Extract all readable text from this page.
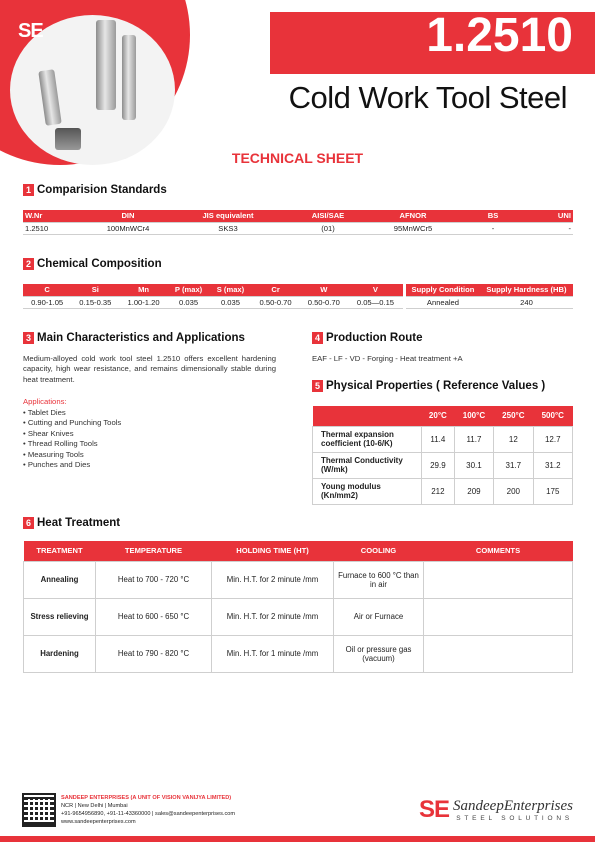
SE	1.2510
Cold Work Tool Steel
TECHNICAL SHEET
1 Comparision Standards
W.Nr	DIN	JIS equivalent	AISI/SAE	AFNOR	BS	UNI
1.2510	100MnWCr4	SKS3	(01)	95MnWCr5	-	-
2 Chemical Composition
C	Si	Mn	P (max)	S (max)	Cr	W	V
0.90-1.05	0.15-0.35	1.00-1.20	0.035	0.035	0.50-0.70	0.50-0.70	0.05—0.15
Supply Condition	Supply Hardness (HB)
Annealed	240
3 Main Characteristics and Applications
Medium-alloyed cold work tool steel 1.2510 offers excellent hardening capacity, high wear resistance, and remains dimensionally stable during heat treatment.
Applications:
• Tablet Dies
• Cutting and Punching Tools
• Shear Knives
• Thread Rolling Tools
• Measuring Tools
• Punches and Dies
4 Production Route
EAF - LF - VD - Forging - Heat treatment +A
5 Physical Properties ( Reference Values )
	20°C	100°C	250°C	500°C
Thermal expansion coefficient (10-6/K)	11.4	11.7	12	12.7
Thermal Conductivity (W/mk)	29.9	30.1	31.7	31.2
Young modulus (Kn/mm2)	212	209	200	175
6 Heat Treatment
TREATMENT	TEMPERATURE	HOLDING TIME (HT)	COOLING	COMMENTS
Annealing	Heat to 700 - 720 °C	Min. H.T. for 2 minute /mm	Furnace to 600 °C than in air	
Stress relieving	Heat to 600 - 650 °C	Min. H.T. for 2 minute /mm	Air or Furnace	
Hardening	Heat to 790 - 820 °C	Min. H.T. for 1 minute /mm	Oil or pressure gas (vacuum)	
SANDEEP ENTERPRISES (A UNIT OF VISION VANIJYA LIMITED)
NCR | New Delhi | Mumbai
+91-9654956890, +91-11-43360000 | sales@sandeepenterprises.com
www.sandeepenterprises.com	SE SandeepEnterprises
STEEL SOLUTIONS
